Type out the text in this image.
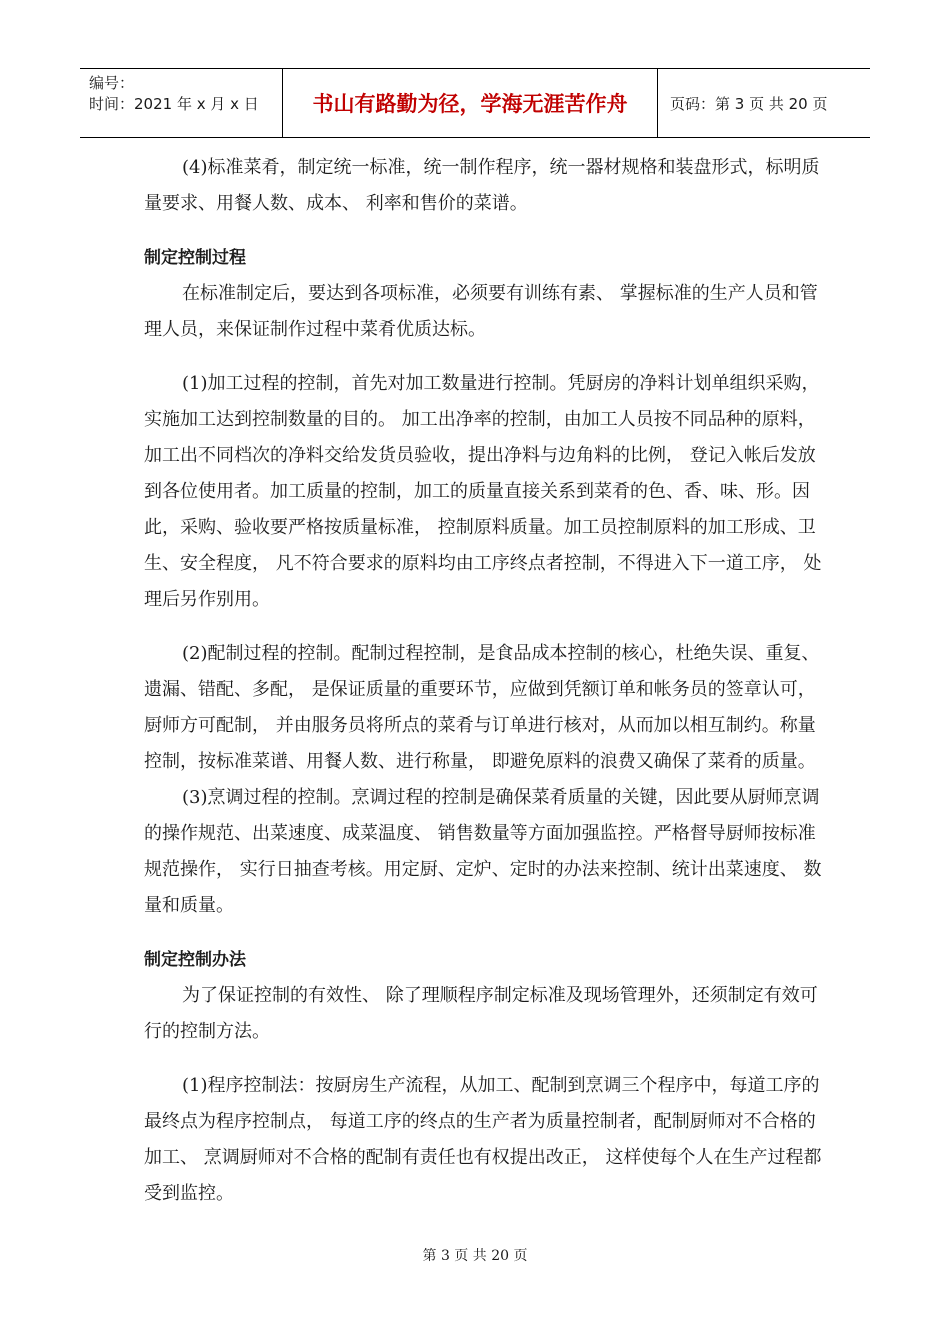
编号：
时间：2021 年 x 月 x 日	书山有路勤为径，学海无涯苦作舟	页码：第 3 页 共 20 页

(4)标准菜肴，制定统一标准，统一制作程序，统一器材规格和装盘形式，标明质量要求、用餐人数、成本、 利率和售价的菜谱。

制定控制过程

在标准制定后，要达到各项标准，必须要有训练有素、 掌握标准的生产人员和管理人员，来保证制作过程中菜肴优质达标。

(1)加工过程的控制，首先对加工数量进行控制。凭厨房的净料计划单组织采购，实施加工达到控制数量的目的。 加工出净率的控制，由加工人员按不同品种的原料， 加工出不同档次的净料交给发货员验收，提出净料与边角料的比例， 登记入帐后发放到各位使用者。加工质量的控制，加工的质量直接关系到菜肴的色、香、味、形。因此，采购、验收要严格按质量标准， 控制原料质量。加工员控制原料的加工形成、卫生、安全程度， 凡不符合要求的原料均由工序终点者控制，不得进入下一道工序， 处理后另作别用。

(2)配制过程的控制。配制过程控制，是食品成本控制的核心，杜绝失误、重复、遗漏、错配、多配， 是保证质量的重要环节，应做到凭额订单和帐务员的签章认可，厨师方可配制， 并由服务员将所点的菜肴与订单进行核对，从而加以相互制约。称量控制，按标准菜谱、用餐人数、进行称量， 即避免原料的浪费又确保了菜肴的质量。

(3)烹调过程的控制。烹调过程的控制是确保菜肴质量的关键，因此要从厨师烹调的操作规范、出菜速度、成菜温度、 销售数量等方面加强监控。严格督导厨师按标准规范操作， 实行日抽查考核。用定厨、定炉、定时的办法来控制、统计出菜速度、 数量和质量。

制定控制办法

为了保证控制的有效性、 除了理顺程序制定标准及现场管理外，还须制定有效可行的控制方法。

(1)程序控制法：按厨房生产流程，从加工、配制到烹调三个程序中，每道工序的最终点为程序控制点， 每道工序的终点的生产者为质量控制者，配制厨师对不合格的加工、 烹调厨师对不合格的配制有责任也有权提出改正， 这样使每个人在生产过程都受到监控。

第 3 页 共 20 页
